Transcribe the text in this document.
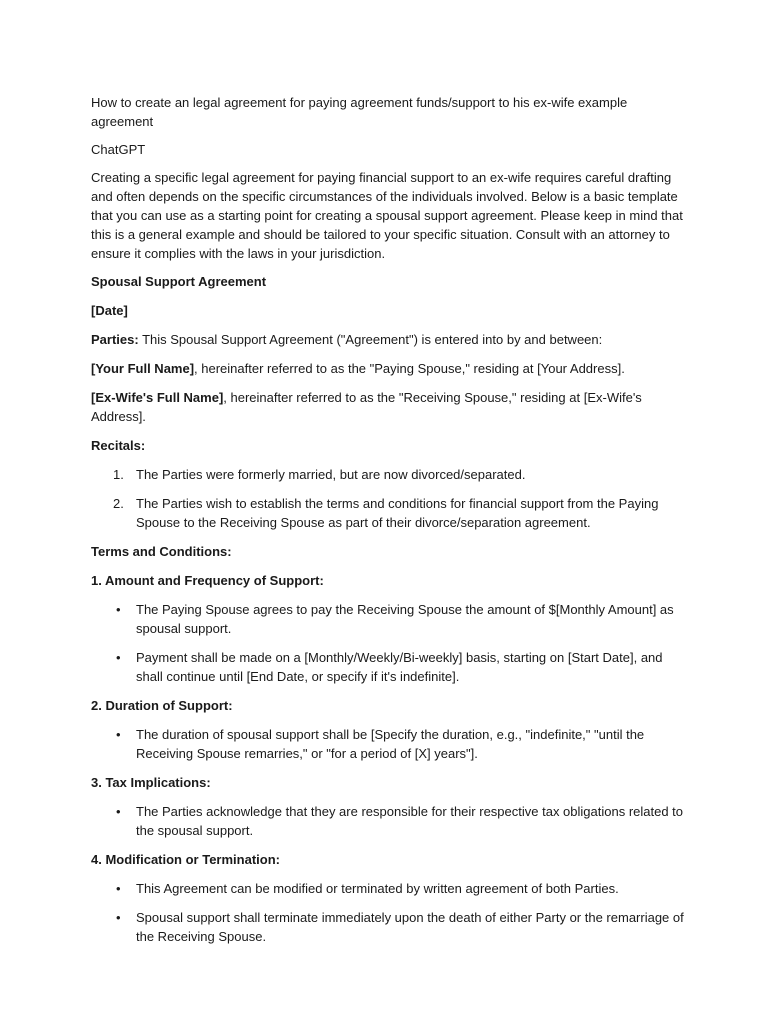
How to create an legal agreement for paying agreement funds/support to his ex-wife example agreement

ChatGPT

Creating a specific legal agreement for paying financial support to an ex-wife requires careful drafting and often depends on the specific circumstances of the individuals involved. Below is a basic template that you can use as a starting point for creating a spousal support agreement. Please keep in mind that this is a general example and should be tailored to your specific situation. Consult with an attorney to ensure it complies with the laws in your jurisdiction.

Spousal Support Agreement

[Date]

Parties: This Spousal Support Agreement ("Agreement") is entered into by and between:

[Your Full Name], hereinafter referred to as the "Paying Spouse," residing at [Your Address].

[Ex-Wife's Full Name], hereinafter referred to as the "Receiving Spouse," residing at [Ex-Wife's Address].

Recitals:

1. The Parties were formerly married, but are now divorced/separated.
2. The Parties wish to establish the terms and conditions for financial support from the Paying Spouse to the Receiving Spouse as part of their divorce/separation agreement.

Terms and Conditions:

1. Amount and Frequency of Support:

• The Paying Spouse agrees to pay the Receiving Spouse the amount of $[Monthly Amount] as spousal support.
• Payment shall be made on a [Monthly/Weekly/Bi-weekly] basis, starting on [Start Date], and shall continue until [End Date, or specify if it's indefinite].

2. Duration of Support:

• The duration of spousal support shall be [Specify the duration, e.g., "indefinite," "until the Receiving Spouse remarries," or "for a period of [X] years"].

3. Tax Implications:

• The Parties acknowledge that they are responsible for their respective tax obligations related to the spousal support.

4. Modification or Termination:

• This Agreement can be modified or terminated by written agreement of both Parties.
• Spousal support shall terminate immediately upon the death of either Party or the remarriage of the Receiving Spouse.
